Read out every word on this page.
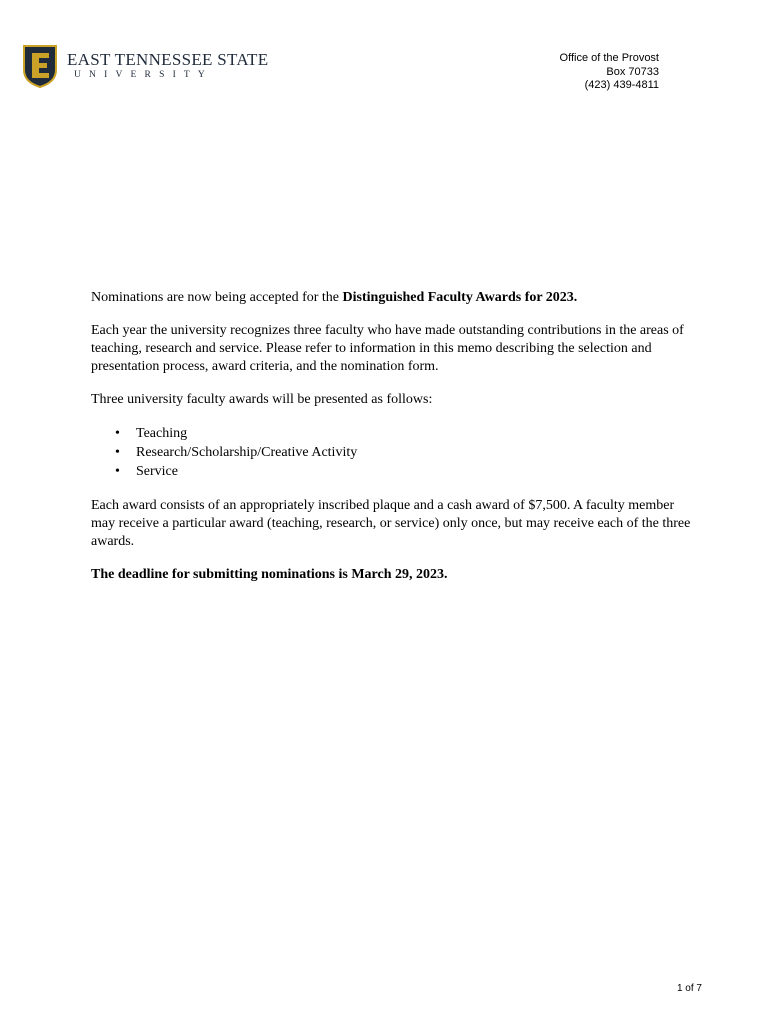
EAST TENNESSEE STATE
UNIVERSITY
Office of the Provost
Box 70733
(423) 439-4811

Nominations are now being accepted for the Distinguished Faculty Awards for 2023.

Each year the university recognizes three faculty who have made outstanding contributions in the areas of teaching, research and service. Please refer to information in this memo describing the selection and presentation process, award criteria, and the nomination form.

Three university faculty awards will be presented as follows:

• Teaching
• Research/Scholarship/Creative Activity
• Service

Each award consists of an appropriately inscribed plaque and a cash award of $7,500. A faculty member may receive a particular award (teaching, research, or service) only once, but may receive each of the three awards.

The deadline for submitting nominations is March 29, 2023.

1 of 7
